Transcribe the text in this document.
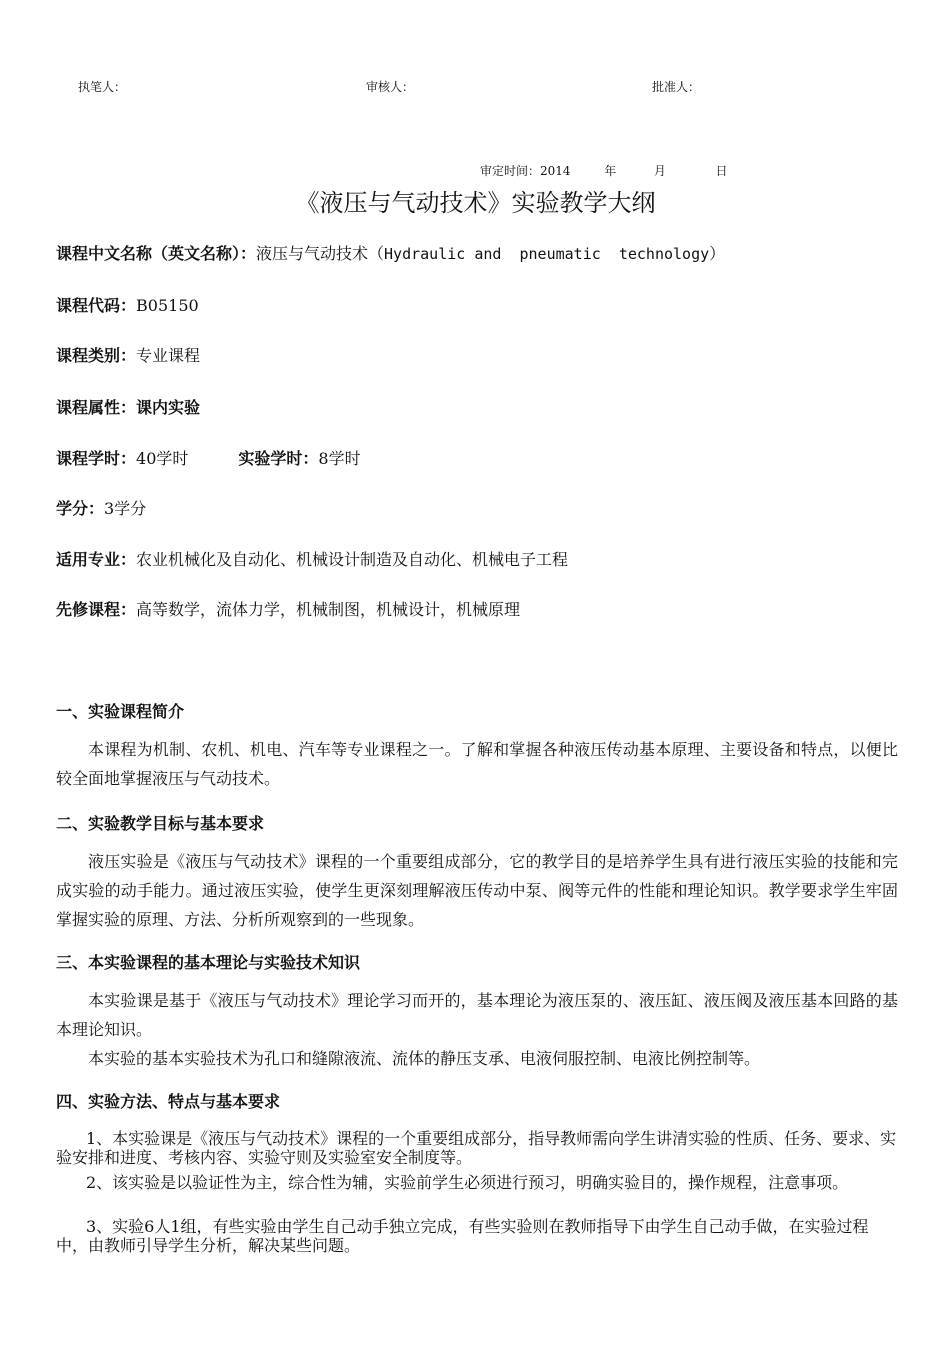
执笔人：	审核人：	批准人：
审定时间：2014	年	月	日
《液压与气动技术》实验教学大纲
课程中文名称（英文名称）：液压与气动技术（Hydraulic and  pneumatic  technology）
课程代码：B05150
课程类别：专业课程
课程属性：课内实验
课程学时：40学时	实验学时：8学时
学分：3学分
适用专业：农业机械化及自动化、机械设计制造及自动化、机械电子工程
先修课程：高等数学，流体力学，机械制图，机械设计，机械原理
一、实验课程简介
本课程为机制、农机、机电、汽车等专业课程之一。了解和掌握各种液压传动基本原理、主要设备和特点，以便比较全面地掌握液压与气动技术。
二、实验教学目标与基本要求
液压实验是《液压与气动技术》课程的一个重要组成部分，它的教学目的是培养学生具有进行液压实验的技能和完成实验的动手能力。通过液压实验，使学生更深刻理解液压传动中泵、阀等元件的性能和理论知识。教学要求学生牢固掌握实验的原理、方法、分析所观察到的一些现象。
三、本实验课程的基本理论与实验技术知识
本实验课是基于《液压与气动技术》理论学习而开的，基本理论为液压泵的、液压缸、液压阀及液压基本回路的基本理论知识。
本实验的基本实验技术为孔口和缝隙液流、流体的静压支承、电液伺服控制、电液比例控制等。
四、实验方法、特点与基本要求
1、本实验课是《液压与气动技术》课程的一个重要组成部分，指导教师需向学生讲清实验的性质、任务、要求、实验安排和进度、考核内容、实验守则及实验室安全制度等。
2、该实验是以验证性为主，综合性为辅，实验前学生必须进行预习，明确实验目的，操作规程，注意事项。
3、实验6人1组，有些实验由学生自己动手独立完成，有些实验则在教师指导下由学生自己动手做，在实验过程中，由教师引导学生分析，解决某些问题。
